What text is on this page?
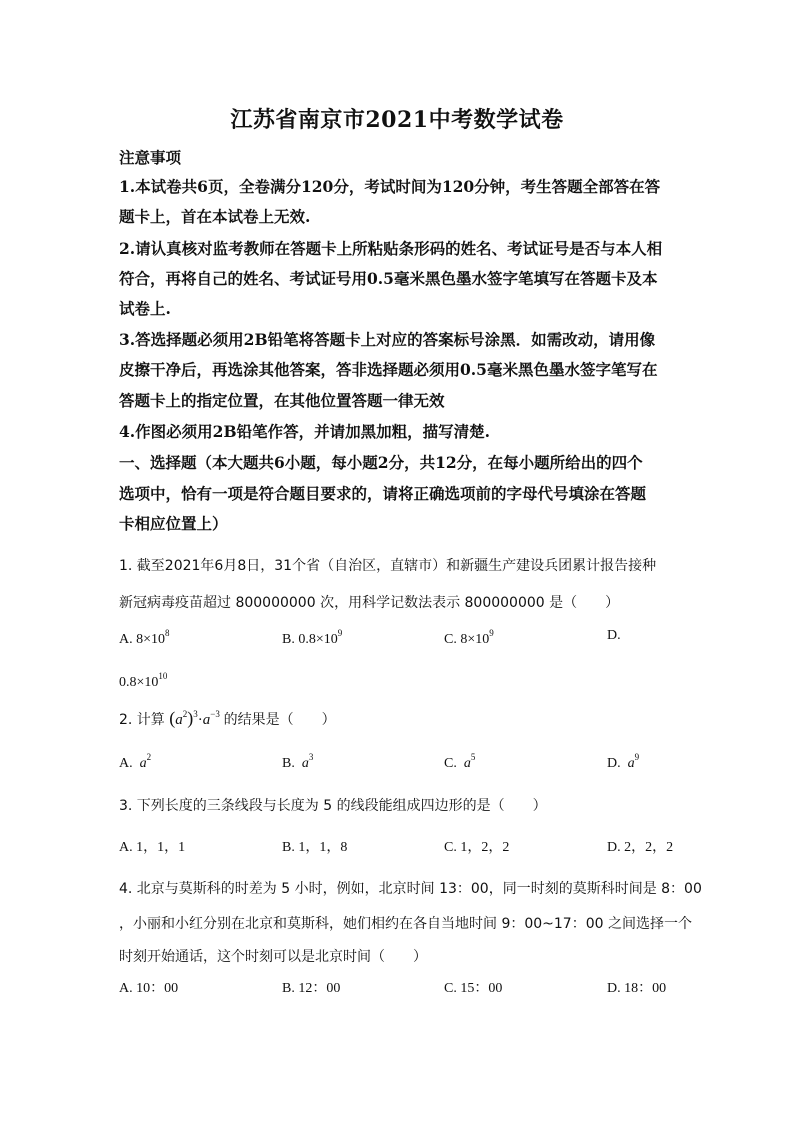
江苏省南京市2021中考数学试卷
注意事项
1.本试卷共6页，全卷满分120分，考试时间为120分钟，考生答题全部答在答
题卡上，首在本试卷上无效.
2.请认真核对监考教师在答题卡上所粘贴条形码的姓名、考试证号是否与本人相
符合，再将自己的姓名、考试证号用0.5毫米黑色墨水签字笔填写在答题卡及本
试卷上.
3.答选择题必须用2B铅笔将答题卡上对应的答案标号涂黑．如需改动，请用像
皮擦干净后，再选涂其他答案，答非选择题必须用0.5毫米黑色墨水签字笔写在
答题卡上的指定位置，在其他位置答题一律无效
4.作图必须用2B铅笔作答，并请加黑加粗，描写清楚.
一、选择题（本大题共6小题，每小题2分，共12分，在每小题所给出的四个
选项中，恰有一项是符合题目要求的，请将正确选项前的字母代号填涂在答题
卡相应位置上）
1. 截至2021年6月8日，31个省（自治区，直辖市）和新疆生产建设兵团累计报告接种
新冠病毒疫苗超过 800000000 次，用科学记数法表示 800000000 是（　　）
A. $8\times 10^8$	B. $0.8\times 10^9$	C. $8\times 10^9$	D.
$0.8\times 10^{10}$
2. 计算 $(a^2)^3\cdot a^{-3}$ 的结果是（　　）
A. $a^2$	B. $a^3$	C. $a^5$	D. $a^9$
3. 下列长度的三条线段与长度为 5 的线段能组成四边形的是（　　）
A. 1，1，1	B. 1，1，8	C. 1，2，2	D. 2，2，2
4. 北京与莫斯科的时差为 5 小时，例如，北京时间 13：00，同一时刻的莫斯科时间是 8：00
，小丽和小红分别在北京和莫斯科，她们相约在各自当地时间 9：00~17：00 之间选择一个
时刻开始通话，这个时刻可以是北京时间（　　）
A. 10：00	B. 12：00	C. 15：00	D. 18：00
